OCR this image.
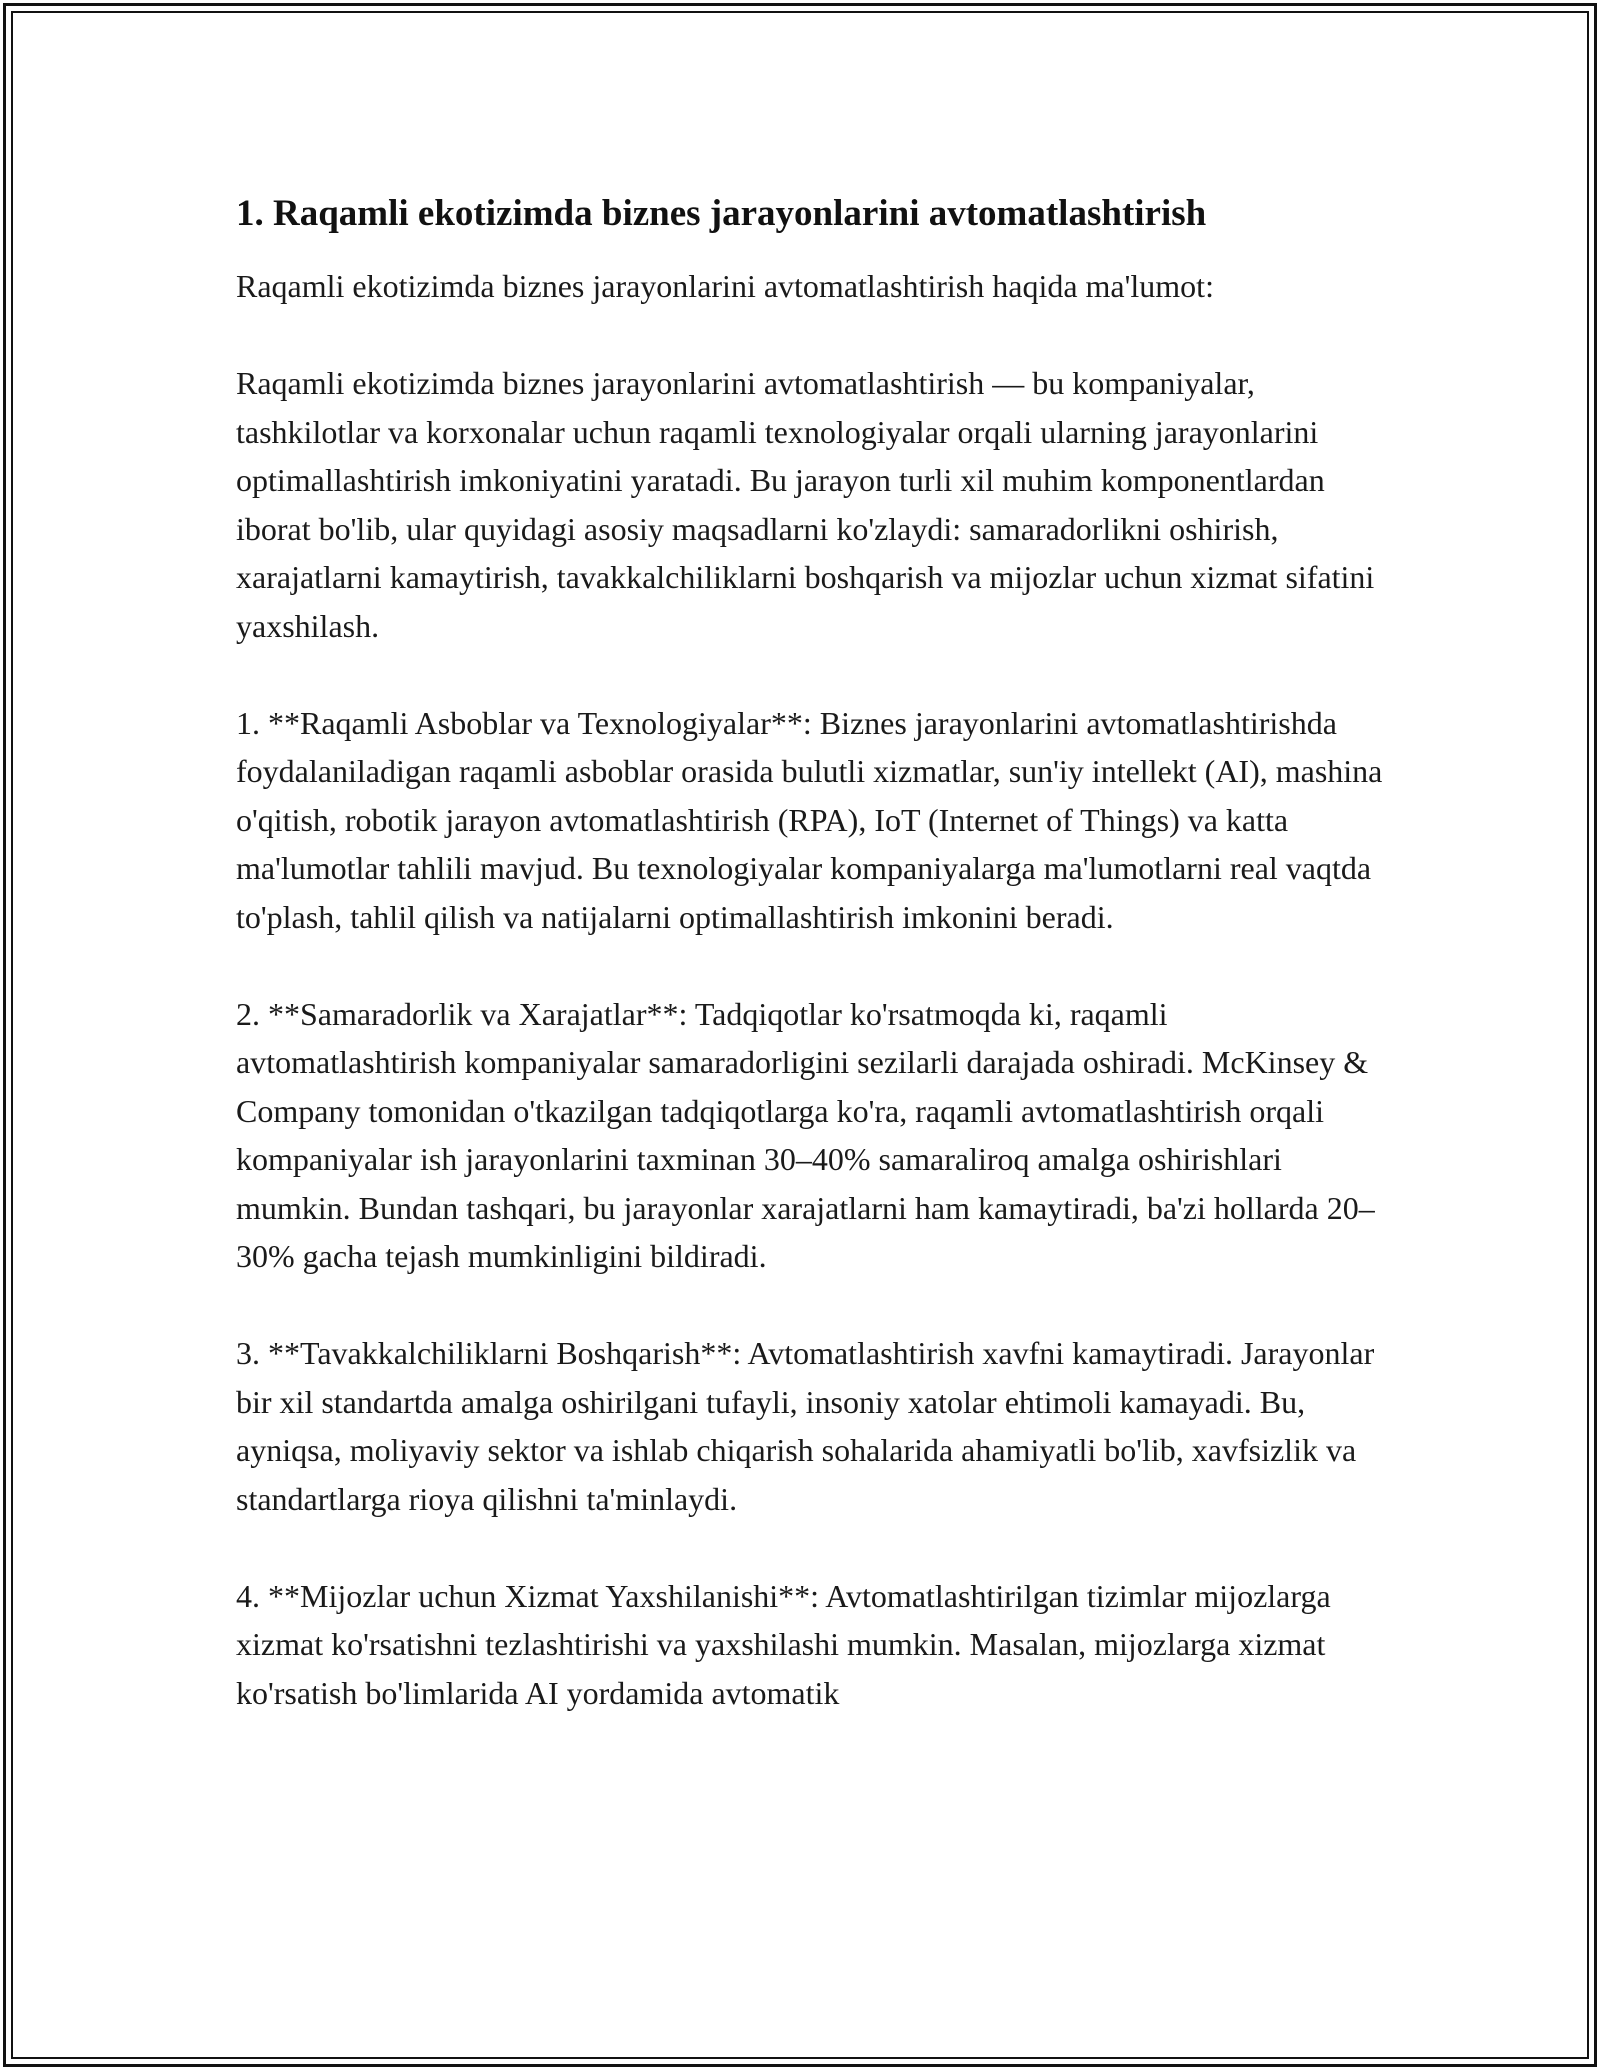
1. Raqamli ekotizimda biznes jarayonlarini avtomatlashtirish

Raqamli ekotizimda biznes jarayonlarini avtomatlashtirish haqida ma'lumot:

Raqamli ekotizimda biznes jarayonlarini avtomatlashtirish — bu kompaniyalar, tashkilotlar va korxonalar uchun raqamli texnologiyalar orqali ularning jarayonlarini optimallashtirish imkoniyatini yaratadi. Bu jarayon turli xil muhim komponentlardan iborat bo'lib, ular quyidagi asosiy maqsadlarni ko'zlaydi: samaradorlikni oshirish, xarajatlarni kamaytirish, tavakkalchiliklarni boshqarish va mijozlar uchun xizmat sifatini yaxshilash.

1. **Raqamli Asboblar va Texnologiyalar**: Biznes jarayonlarini avtomatlashtirishda foydalaniladigan raqamli asboblar orasida bulutli xizmatlar, sun'iy intellekt (AI), mashina o'qitish, robotik jarayon avtomatlashtirish (RPA), IoT (Internet of Things) va katta ma'lumotlar tahlili mavjud. Bu texnologiyalar kompaniyalarga ma'lumotlarni real vaqtda to'plash, tahlil qilish va natijalarni optimallashtirish imkonini beradi.

2. **Samaradorlik va Xarajatlar**: Tadqiqotlar ko'rsatmoqda ki, raqamli avtomatlashtirish kompaniyalar samaradorligini sezilarli darajada oshiradi. McKinsey & Company tomonidan o'tkazilgan tadqiqotlarga ko'ra, raqamli avtomatlashtirish orqali kompaniyalar ish jarayonlarini taxminan 30–40% samaraliroq amalga oshirishlari mumkin. Bundan tashqari, bu jarayonlar xarajatlarni ham kamaytiradi, ba'zi hollarda 20–30% gacha tejash mumkinligini bildiradi.

3. **Tavakkalchiliklarni Boshqarish**: Avtomatlashtirish xavfni kamaytiradi. Jarayonlar bir xil standartda amalga oshirilgani tufayli, insoniy xatolar ehtimoli kamayadi. Bu, ayniqsa, moliyaviy sektor va ishlab chiqarish sohalarida ahamiyatli bo'lib, xavfsizlik va standartlarga rioya qilishni ta'minlaydi.

4. **Mijozlar uchun Xizmat Yaxshilanishi**: Avtomatlashtirilgan tizimlar mijozlarga xizmat ko'rsatishni tezlashtirishi va yaxshilashi mumkin. Masalan, mijozlarga xizmat ko'rsatish bo'limlarida AI yordamida avtomatik
